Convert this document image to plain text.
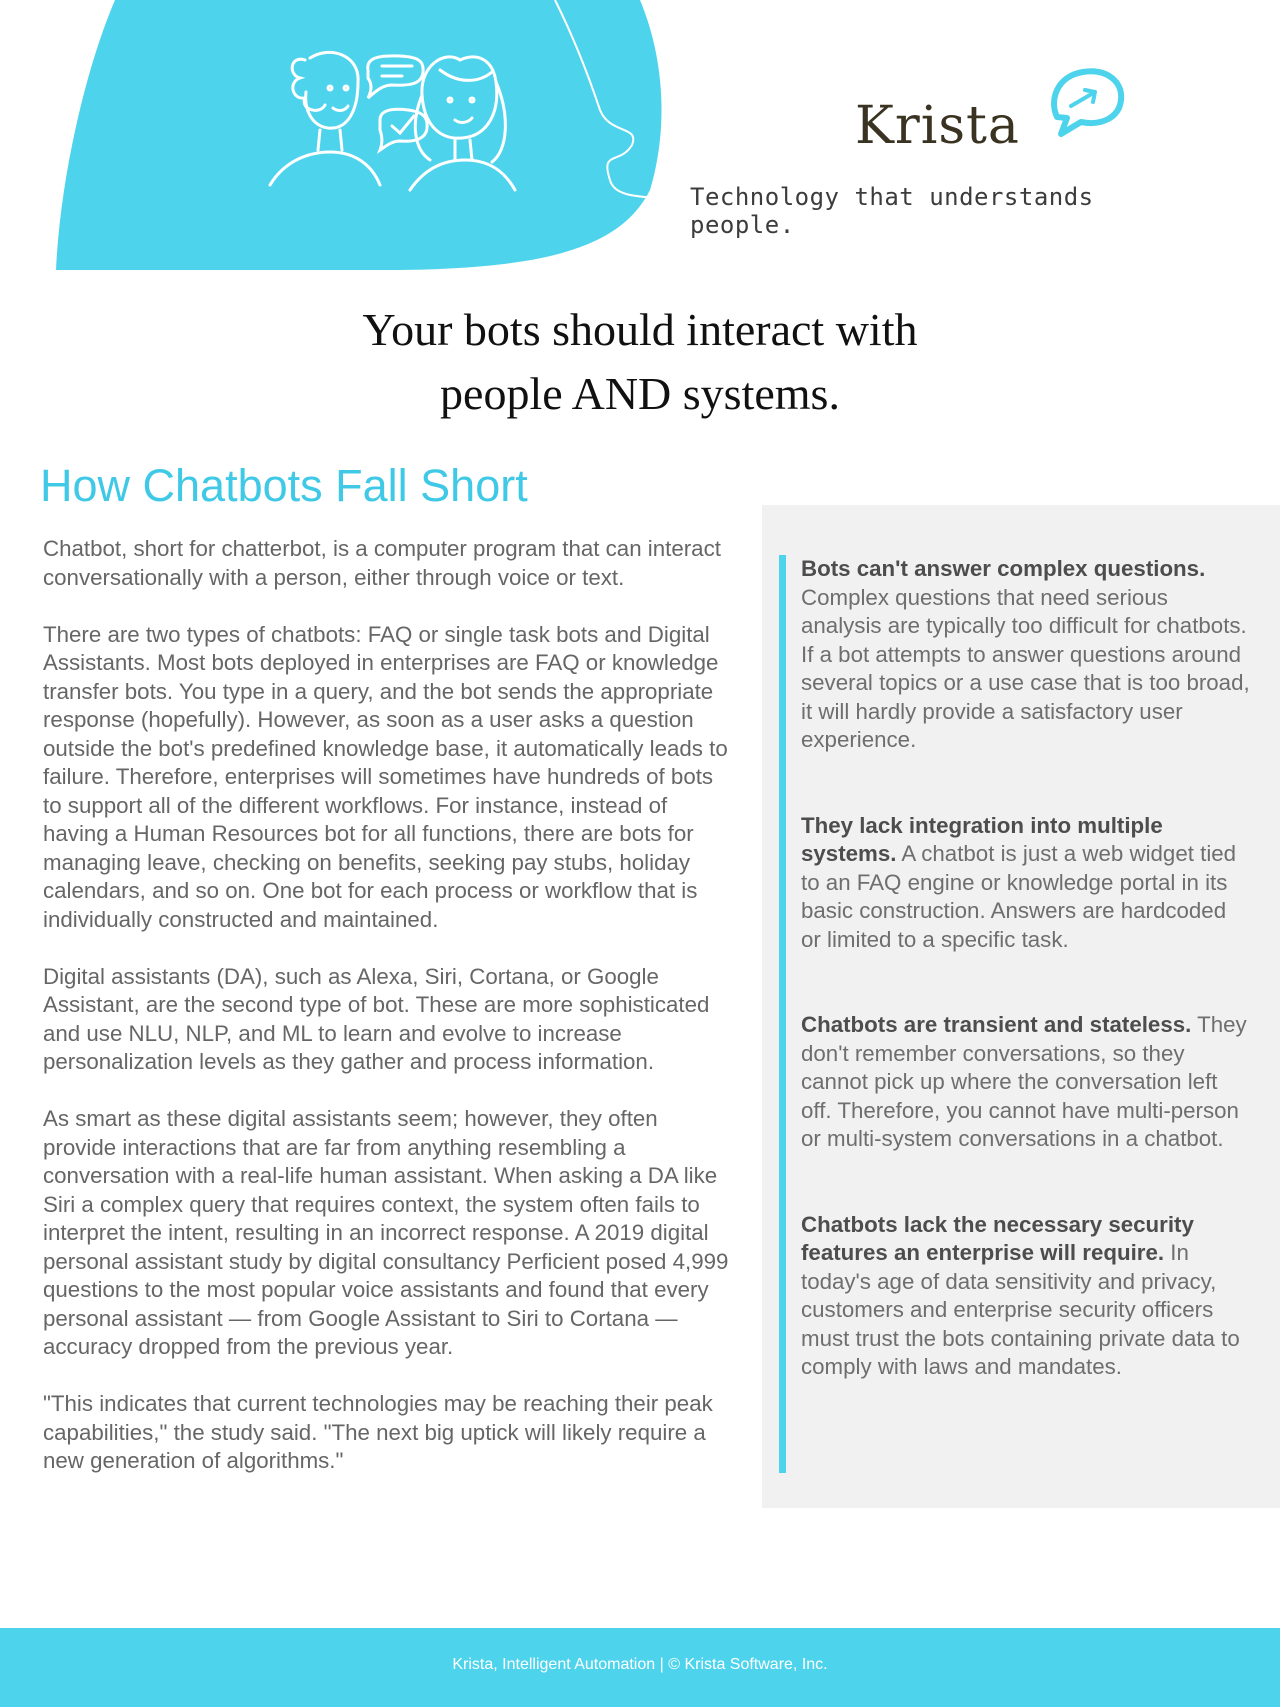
Krista
Technology that understands people.
Your bots should interact with
people AND systems.
How Chatbots Fall Short

Chatbot, short for chatterbot, is a computer program that can interact conversationally with a person, either through voice or text.

There are two types of chatbots: FAQ or single task bots and Digital Assistants. Most bots deployed in enterprises are FAQ or knowledge transfer bots. You type in a query, and the bot sends the appropriate response (hopefully). However, as soon as a user asks a question outside the bot's predefined knowledge base, it automatically leads to failure. Therefore, enterprises will sometimes have hundreds of bots to support all of the different workflows. For instance, instead of having a Human Resources bot for all functions, there are bots for managing leave, checking on benefits, seeking pay stubs, holiday calendars, and so on. One bot for each process or workflow that is individually constructed and maintained.

Digital assistants (DA), such as Alexa, Siri, Cortana, or Google Assistant, are the second type of bot. These are more sophisticated and use NLU, NLP, and ML to learn and evolve to increase personalization levels as they gather and process information.

As smart as these digital assistants seem; however, they often provide interactions that are far from anything resembling a conversation with a real-life human assistant. When asking a DA like Siri a complex query that requires context, the system often fails to interpret the intent, resulting in an incorrect response. A 2019 digital personal assistant study by digital consultancy Perficient posed 4,999 questions to the most popular voice assistants and found that every personal assistant — from Google Assistant to Siri to Cortana — accuracy dropped from the previous year.

"This indicates that current technologies may be reaching their peak capabilities," the study said. "The next big uptick will likely require a new generation of algorithms."

Bots can't answer complex questions. Complex questions that need serious analysis are typically too difficult for chatbots. If a bot attempts to answer questions around several topics or a use case that is too broad, it will hardly provide a satisfactory user experience.
They lack integration into multiple systems. A chatbot is just a web widget tied to an FAQ engine or knowledge portal in its basic construction. Answers are hardcoded or limited to a specific task.
Chatbots are transient and stateless. They don't remember conversations, so they cannot pick up where the conversation left off. Therefore, you cannot have multi-person or multi-system conversations in a chatbot.
Chatbots lack the necessary security features an enterprise will require. In today's age of data sensitivity and privacy, customers and enterprise security officers must trust the bots containing private data to comply with laws and mandates.
Krista, Intelligent Automation | © Krista Software, Inc.
